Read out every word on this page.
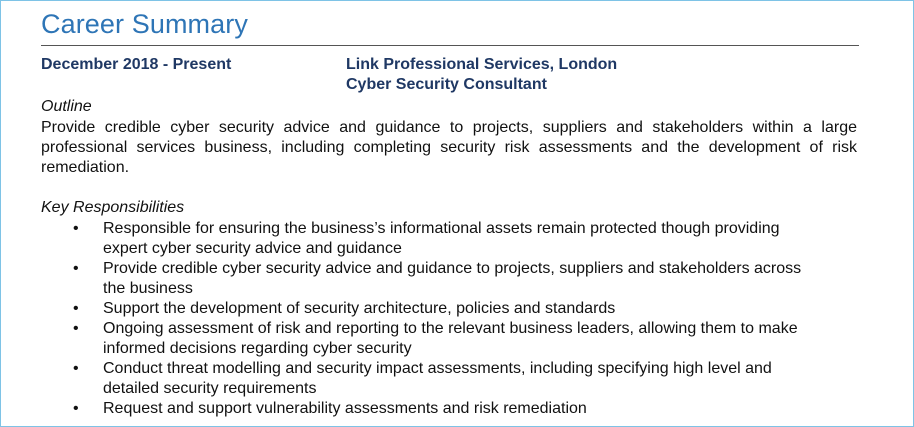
Career Summary
December 2018 - Present	Link Professional Services, London
Cyber Security Consultant
Outline
Provide credible cyber security advice and guidance to projects, suppliers and stakeholders within a large professional services business, including completing security risk assessments and the development of risk remediation.
Key Responsibilities
• Responsible for ensuring the business’s informational assets remain protected though providing expert cyber security advice and guidance
• Provide credible cyber security advice and guidance to projects, suppliers and stakeholders across the business
• Support the development of security architecture, policies and standards
• Ongoing assessment of risk and reporting to the relevant business leaders, allowing them to make informed decisions regarding cyber security
• Conduct threat modelling and security impact assessments, including specifying high level and detailed security requirements
• Request and support vulnerability assessments and risk remediation
